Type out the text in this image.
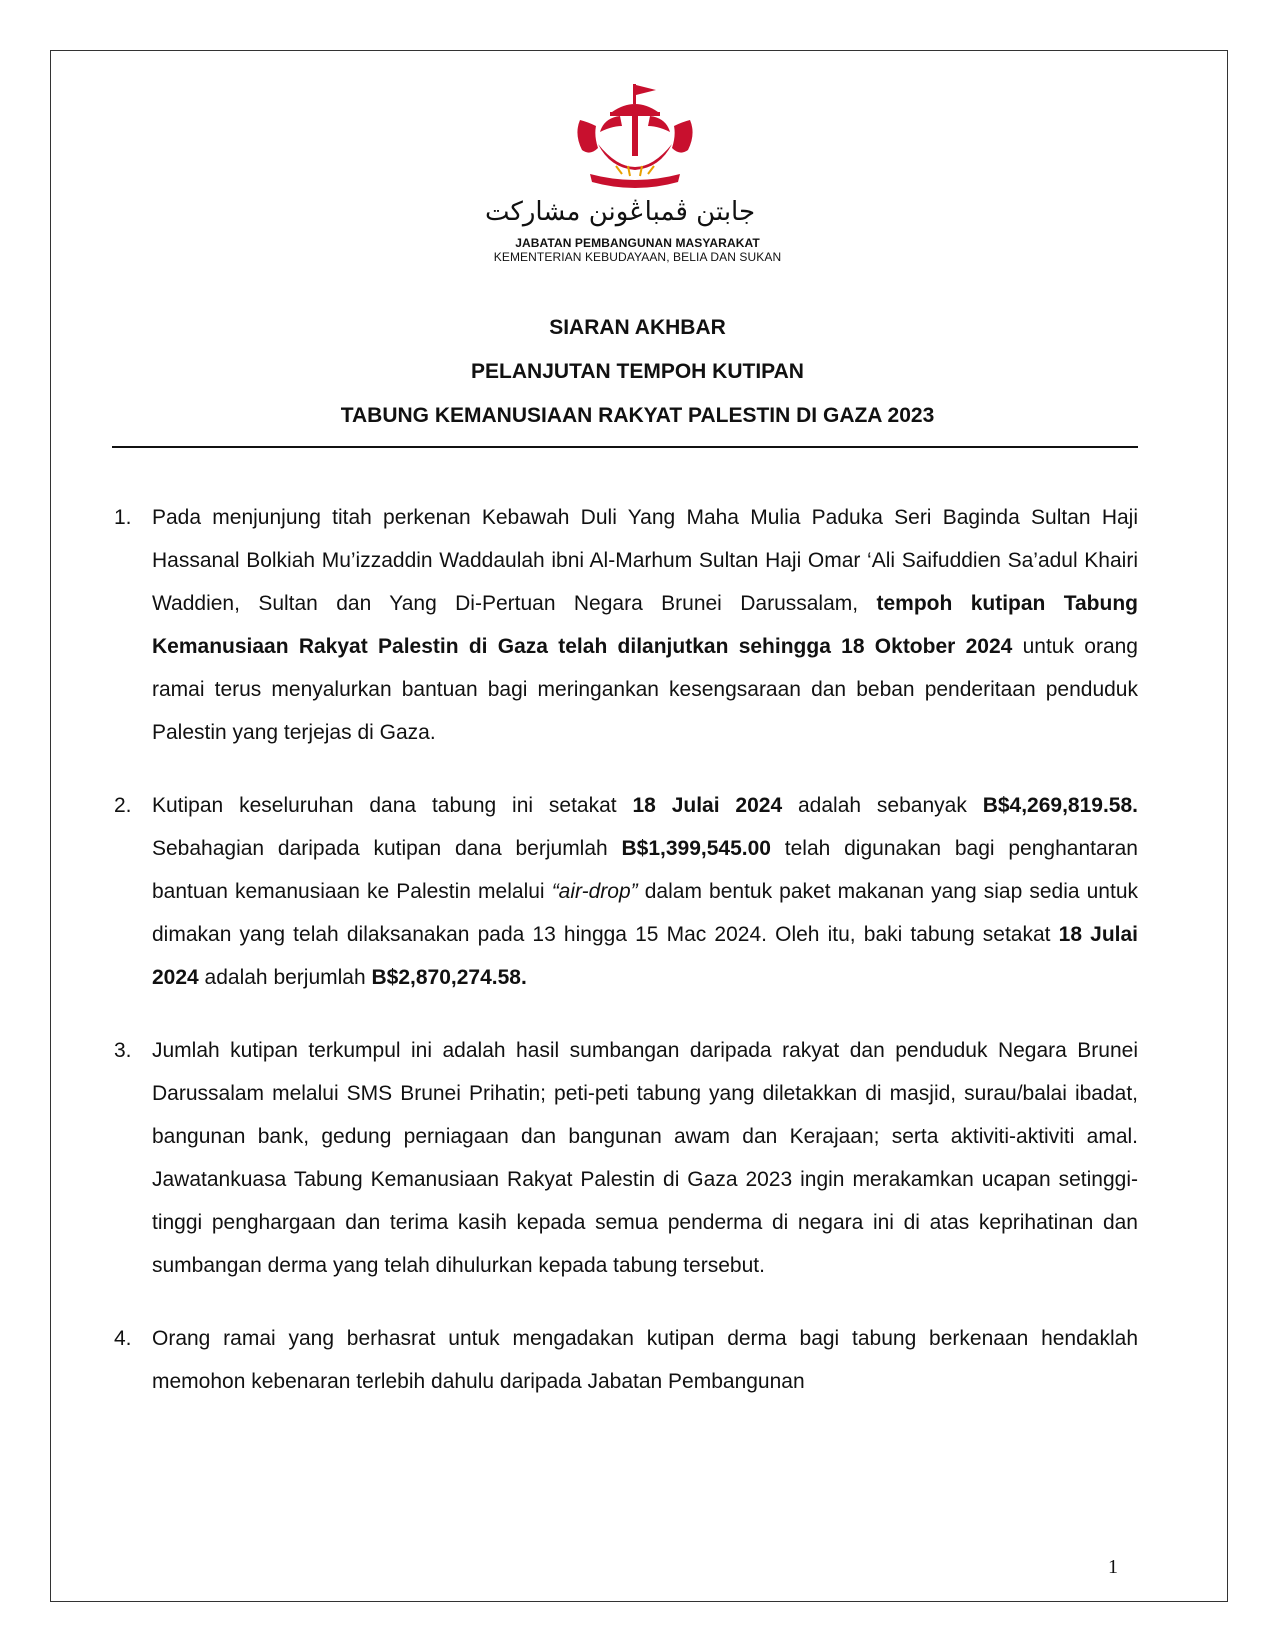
جابتن ڤمباڠونن مشاركت
JABATAN PEMBANGUNAN MASYARAKAT
KEMENTERIAN KEBUDAYAAN, BELIA DAN SUKAN
SIARAN AKHBAR
PELANJUTAN TEMPOH KUTIPAN
TABUNG KEMANUSIAAN RAKYAT PALESTIN DI GAZA 2023
1. Pada menjunjung titah perkenan Kebawah Duli Yang Maha Mulia Paduka Seri Baginda Sultan Haji Hassanal Bolkiah Mu’izzaddin Waddaulah ibni Al-Marhum Sultan Haji Omar ‘Ali Saifuddien Sa’adul Khairi Waddien, Sultan dan Yang Di-Pertuan Negara Brunei Darussalam, tempoh kutipan Tabung Kemanusiaan Rakyat Palestin di Gaza telah dilanjutkan sehingga 18 Oktober 2024 untuk orang ramai terus menyalurkan bantuan bagi meringankan kesengsaraan dan beban penderitaan penduduk Palestin yang terjejas di Gaza.
2. Kutipan keseluruhan dana tabung ini setakat 18 Julai 2024 adalah sebanyak B$4,269,819.58. Sebahagian daripada kutipan dana berjumlah B$1,399,545.00 telah digunakan bagi penghantaran bantuan kemanusiaan ke Palestin melalui “air-drop” dalam bentuk paket makanan yang siap sedia untuk dimakan yang telah dilaksanakan pada 13 hingga 15 Mac 2024. Oleh itu, baki tabung setakat 18 Julai 2024 adalah berjumlah B$2,870,274.58.
3. Jumlah kutipan terkumpul ini adalah hasil sumbangan daripada rakyat dan penduduk Negara Brunei Darussalam melalui SMS Brunei Prihatin; peti-peti tabung yang diletakkan di masjid, surau/balai ibadat, bangunan bank, gedung perniagaan dan bangunan awam dan Kerajaan; serta aktiviti-aktiviti amal. Jawatankuasa Tabung Kemanusiaan Rakyat Palestin di Gaza 2023 ingin merakamkan ucapan setinggi-tinggi penghargaan dan terima kasih kepada semua penderma di negara ini di atas keprihatinan dan sumbangan derma yang telah dihulurkan kepada tabung tersebut.
4. Orang ramai yang berhasrat untuk mengadakan kutipan derma bagi tabung berkenaan hendaklah memohon kebenaran terlebih dahulu daripada Jabatan Pembangunan
1
